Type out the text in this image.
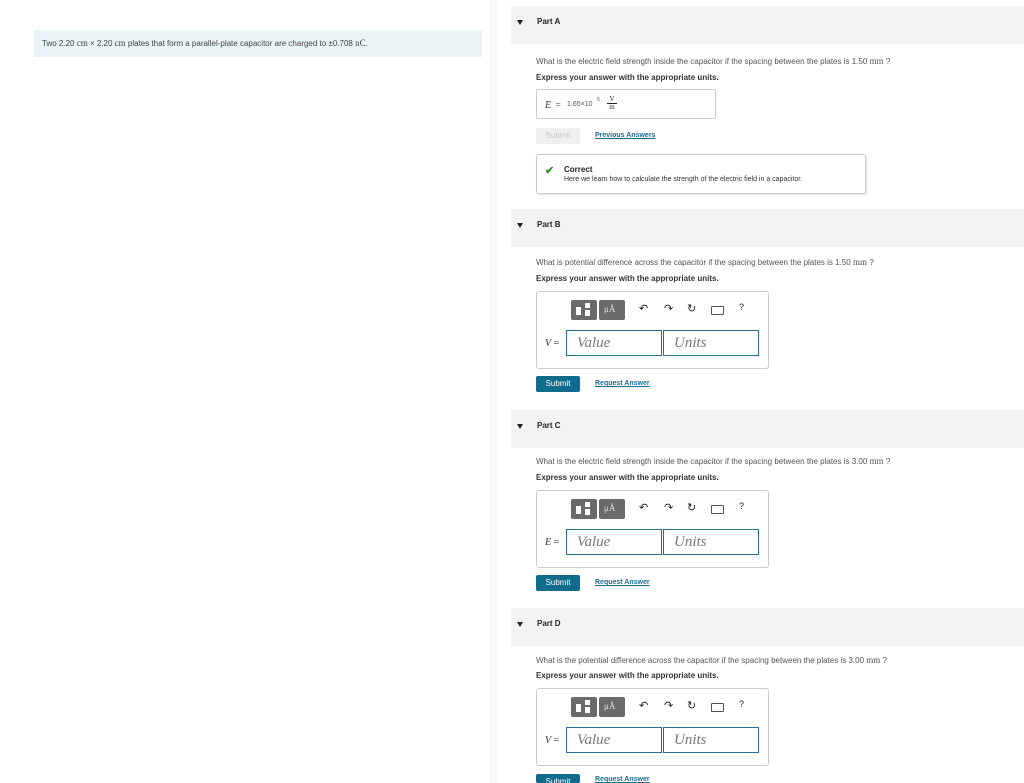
Two 2.20 cm × 2.20 cm plates that form a parallel-plate capacitor are charged to ±0.708 nC.
Part A
What is the electric field strength inside the capacitor if the spacing between the plates is 1.50 mm ?
Express your answer with the appropriate units.
E = 1.65×10
$5 \frac{V}{m}$
Submit	Previous Answers
✔ Correct
Here we learn how to calculate the strength of the electric field in a capacitor.
Part B
What is potential difference across the capacitor if the spacing between the plates is 1.50 mm ?
Express your answer with the appropriate units.
μÅ ↶ ↷ ↻	?
V =	Value	Units
Submit	Request Answer
Part C
What is the electric field strength inside the capacitor if the spacing between the plates is 3.00 mm ?
Express your answer with the appropriate units.
μÅ ↶ ↷ ↻	?
E =	Value	Units
Submit	Request Answer
Part D
What is the potential difference across the capacitor if the spacing between the plates is 3.00 mm ?
Express your answer with the appropriate units.
μÅ ↶ ↷ ↻	?
V =	Value	Units
Submit	Request Answer
